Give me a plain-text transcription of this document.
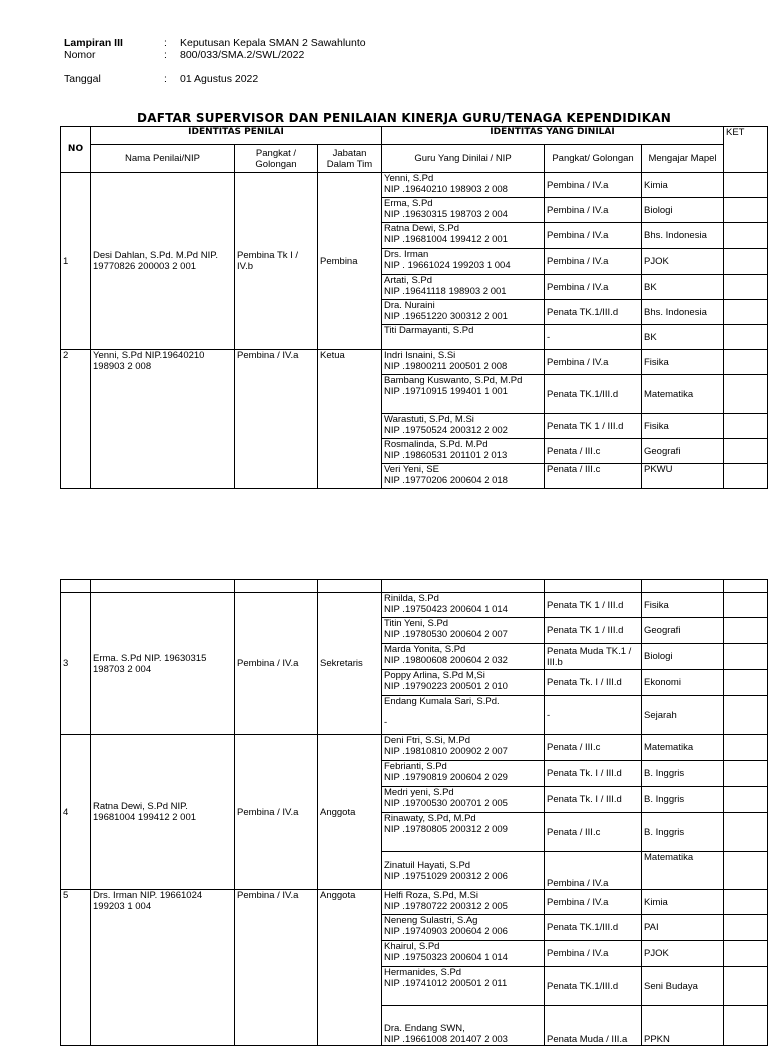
Lampiran III	:	Keputusan Kepala SMAN 2 Sawahlunto
Nomor	:	800/033/SMA.2/SWL/2022
Tanggal	:	01 Agustus 2022
DAFTAR SUPERVISOR DAN PENILAIAN KINERJA GURU/TENAGA KEPENDIDIKAN
NO	IDENTITAS PENILAI			IDENTITAS YANG DINILAI			KET
	Nama Penilai/NIP	Pangkat / Golongan	Jabatan Dalam Tim	Guru Yang Dinilai / NIP	Pangkat/ Golongan	Mengajar Mapel	
1	Desi Dahlan, S.Pd. M.Pd NIP. 19770826 200003 2 001	Pembina Tk I / IV.b	Pembina	Yenni, S.Pd
NIP .19640210 198903 2 008	Pembina / IV.a	Kimia	

				Erma, S.Pd
NIP .19630315 198703 2 004	Pembina / IV.a	Biologi	

				Ratna Dewi, S.Pd
NIP .19681004 199412 2 001	Pembina / IV.a	Bhs. Indonesia	

				Drs. Irman
NIP . 19661024 199203 1 004	Pembina / IV.a	PJOK	

				Artati, S.Pd
NIP .19641118 198903 2 001	Pembina / IV.a	BK	

				Dra. Nuraini
NIP .19651220 300312 2 001	Penata TK.1/III.d	Bhs. Indonesia	

				Titi Darmayanti, S.Pd	-	BK	
2	Yenni, S.Pd NIP.19640210 198903 2 008	Pembina / IV.a	Ketua	Indri Isnaini, S.Si
NIP .19800211 200501 2 008	Pembina / IV.a	Fisika	

				Bambang Kuswanto, S.Pd, M.Pd
NIP .19710915 199401 1 001	Penata TK.1/III.d	Matematika	

				Warastuti, S.Pd, M.Si
NIP .19750524 200312 2 002	Penata TK 1 / III.d	Fisika	

				Rosmalinda, S.Pd. M.Pd
NIP .19860531 201101 2 013	Penata / III.c	Geografi	

				Veri Yeni, SE
NIP .19770206 200604 2 018	Penata / III.c	PKWU	

3	Erma. S.Pd NIP. 19630315 198703 2 004	Pembina / IV.a	Sekretaris	Rinilda, S.Pd
NIP .19750423 200604 1 014	Penata TK 1 / III.d	Fisika	

				Titin Yeni, S.Pd
NIP .19780530 200604 2 007	Penata TK 1 / III.d	Geografi	

				Marda Yonita, S.Pd
NIP .19800608 200604 2 032	Penata Muda TK.1 / III.b	Biologi	

				Poppy Arlina, S.Pd M,Si
NIP .19790223 200501 2 010	Penata Tk. I / III.d	Ekonomi	

				Endang Kumala Sari, S.Pd.
-	-	Sejarah	
4	Ratna Dewi, S.Pd NIP. 19681004 199412 2 001	Pembina / IV.a	Anggota	Deni Ftri, S.Si, M.Pd
NIP .19810810 200902 2 007	Penata / III.c	Matematika	

				Febrianti, S.Pd
NIP .19790819 200604 2 029	Penata Tk. I / III.d	B. Inggris	

				Medri yeni, S.Pd
NIP .19700530 200701 2 005	Penata Tk. I / III.d	B. Inggris	

				Rinawaty, S.Pd, M.Pd
NIP .19780805 200312 2 009	Penata / III.c	B. Inggris	

				Zinatuil Hayati, S.Pd
NIP .19751029 200312 2 006	Pembina / IV.a	Matematika	
5	Drs. Irman NIP. 19661024 199203 1 004	Pembina / IV.a	Anggota	Helfi Roza, S.Pd, M.Si
NIP .19780722 200312 2 005	Pembina / IV.a	Kimia	

				Neneng Sulastri, S.Ag
NIP .19740903 200604 2 006	Penata TK.1/III.d	PAI	

				Khairul, S.Pd
NIP .19750323 200604 1 014	Pembina / IV.a	PJOK	

				Hermanides, S.Pd
NIP .19741012 200501 2 011	Penata TK.1/III.d	Seni Budaya	

				Dra. Endang SWN,
NIP .19661008 201407 2 003	Penata Muda / III.a	PPKN	
